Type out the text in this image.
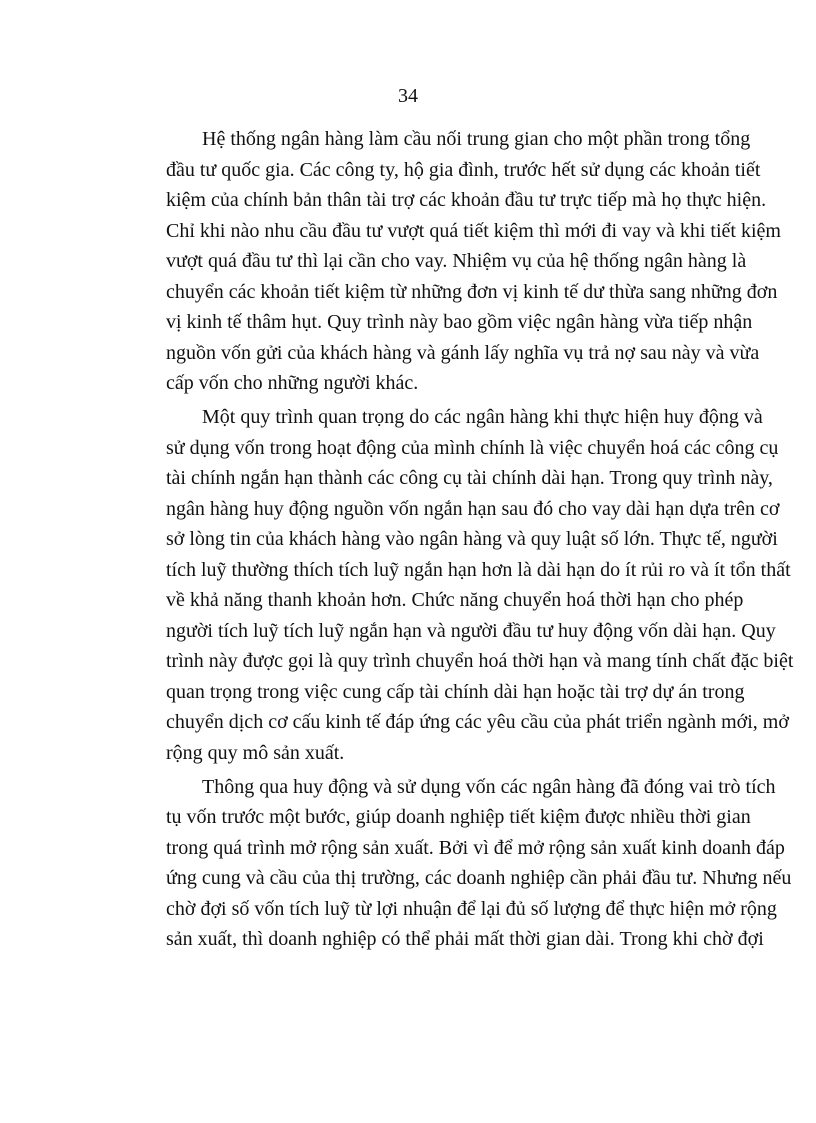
34

Hệ thống ngân hàng làm cầu nối trung gian cho một phần trong tổng
đầu tư quốc gia. Các công ty, hộ gia đình, trước hết sử dụng các khoản tiết
kiệm của chính bản thân tài trợ các khoản đầu tư trực tiếp mà họ thực hiện.
Chỉ khi nào nhu cầu đầu tư vượt quá tiết kiệm thì mới đi vay và khi tiết kiệm
vượt quá đầu tư thì lại cần cho vay. Nhiệm vụ của hệ thống ngân hàng là
chuyển các khoản tiết kiệm từ những đơn vị kinh tế dư thừa sang những đơn
vị kinh tế thâm hụt. Quy trình này bao gồm việc ngân hàng vừa tiếp nhận
nguồn vốn gửi của khách hàng và gánh lấy nghĩa vụ trả nợ sau này và vừa
cấp vốn cho những người khác.

Một quy trình quan trọng do các ngân hàng khi thực hiện huy động và
sử dụng vốn trong hoạt động của mình chính là việc chuyển hoá các công cụ
tài chính ngắn hạn thành các công cụ tài chính dài hạn. Trong quy trình này,
ngân hàng huy động nguồn vốn ngắn hạn sau đó cho vay dài hạn dựa trên cơ
sở lòng tin của khách hàng vào ngân hàng và quy luật số lớn. Thực tế, người
tích luỹ thường thích tích luỹ ngắn hạn hơn là dài hạn do ít rủi ro và ít tổn thất
về khả năng thanh khoản hơn. Chức năng chuyển hoá thời hạn cho phép
người tích luỹ tích luỹ ngắn hạn và người đầu tư huy động vốn dài hạn. Quy
trình này được gọi là quy trình chuyển hoá thời hạn và mang tính chất đặc biệt
quan trọng trong việc cung cấp tài chính dài hạn hoặc tài trợ dự án trong
chuyển dịch cơ cấu kinh tế đáp ứng các yêu cầu của phát triển ngành mới, mở
rộng quy mô sản xuất.

Thông qua huy động và sử dụng vốn các ngân hàng đã đóng vai trò tích
tụ vốn trước một bước, giúp doanh nghiệp tiết kiệm được nhiều thời gian
trong quá trình mở rộng sản xuất. Bởi vì để mở rộng sản xuất kinh doanh đáp
ứng cung và cầu của thị trường, các doanh nghiệp cần phải đầu tư. Nhưng nếu
chờ đợi số vốn tích luỹ từ lợi nhuận để lại đủ số lượng để thực hiện mở rộng
sản xuất, thì doanh nghiệp có thể phải mất thời gian dài. Trong khi chờ đợi
